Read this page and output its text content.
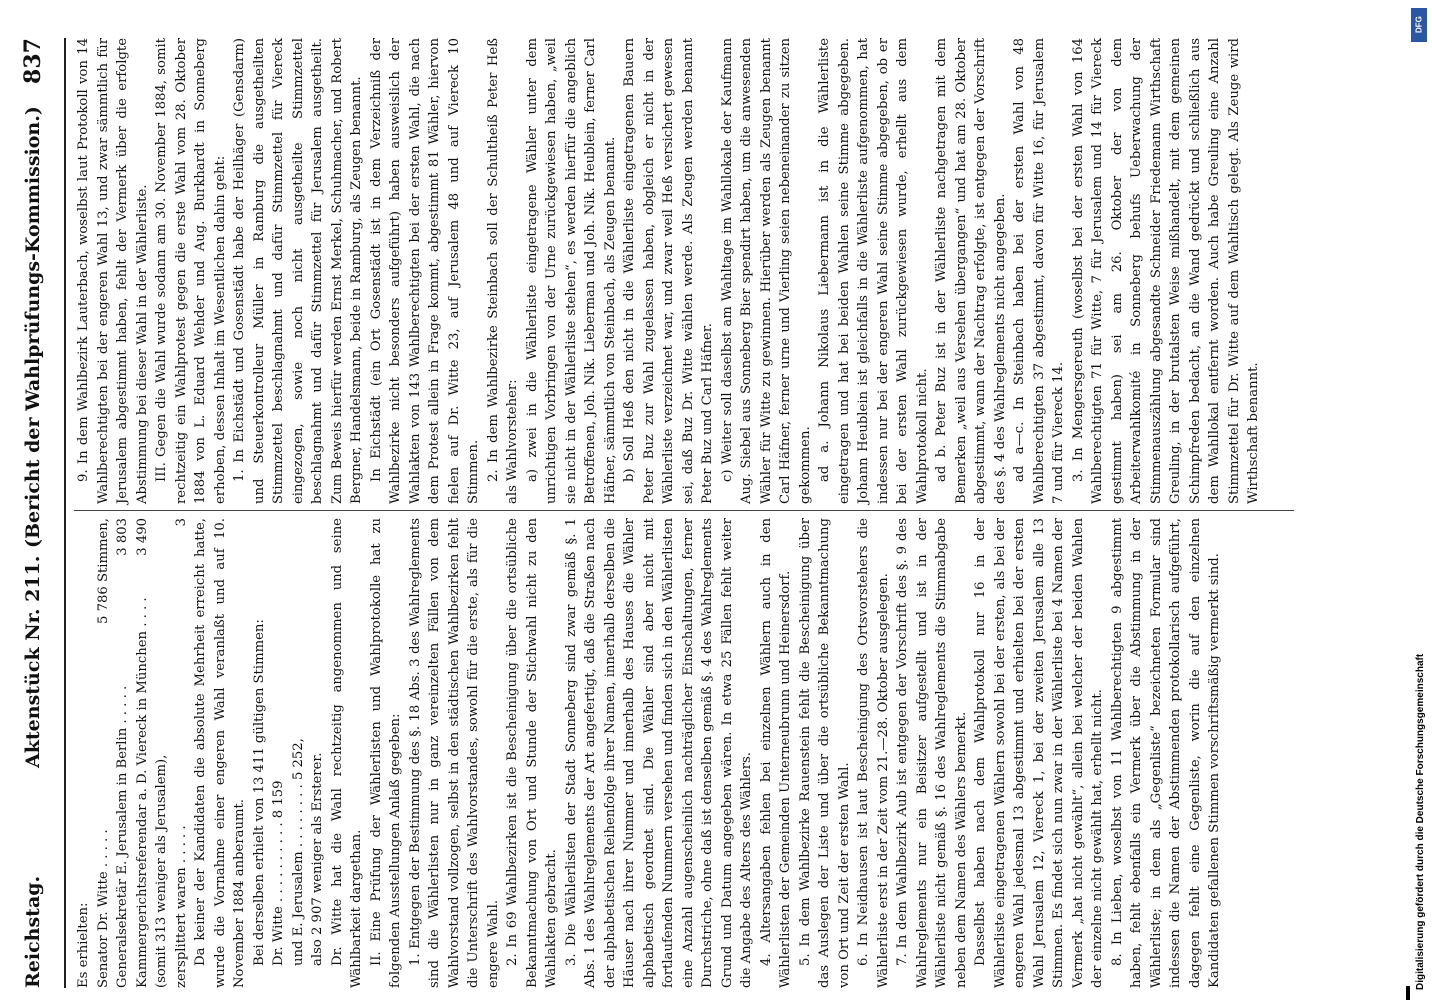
Reichstag.
Aktenstück Nr. 211.
(Bericht der Wahlprüfungs-Kommission.)
837

Es erhielten: Senator Dr. Witte . . . . .
5 786 Stimmen,
Generalsekretär E. Jerusalem in Berlin . . . . .
3 803
Kammergerichtsreferendar a. D. Viereck in München . . . .
3 490
(somit 313 weniger als Jerusalem), zersplittert waren . . . . .
3 Da keiner der Kandidaten die absolute Mehrheit erreicht hatte, wurde die Vornahme einer engeren Wahl veranlaßt und auf 10. November 1884 anberaumt. Bei derselben erhielt von 13 411 gültigen Stimmen: Dr. Witte . . . . . . . . . . 8 159 und E. Jerusalem . . . . . . . . 5 252, also 2 907 weniger als Ersterer. Dr. Witte hat die Wahl rechtzeitig angenommen und seine Wählbarkeit dargethan. II. Eine Prüfung der Wählerlisten und Wahlprotokolle hat zu folgenden Ausstellungen Anlaß gegeben: 1. Entgegen der Bestimmung des §. 18 Abs. 3 des Wahlreglements sind die Wählerlisten nur in ganz vereinzelten Fällen von dem Wahlvorstand vollzogen, selbst in den städtischen Wahlbezirken fehlt die Unterschrift des Wahlvorstandes, sowohl für die erste, als für die engere Wahl. 2. In 69 Wahlbezirken ist die Bescheinigung über die ortsübliche Bekanntmachung von Ort und Stunde der Stichwahl nicht zu den Wahlakten gebracht. 3. Die Wählerlisten der Stadt Sonneberg sind zwar gemäß §. 1 Abs. 1 des Wahlreglements der Art angefertigt, daß die Straßen nach der alphabetischen Reihenfolge ihrer Namen, innerhalb derselben die Häuser nach ihrer Nummer und innerhalb des Hauses die Wähler alphabetisch geordnet sind. Die Wähler sind aber nicht mit fortlaufenden Nummern versehen und finden sich in den Wählerlisten eine Anzahl augenscheinlich nachträglicher Einschaltungen, ferner Durchstriche, ohne daß ist denselben gemäß §. 4 des Wahlreglements Grund und Datum angegeben wären. In etwa 25 Fällen fehlt weiter die Angabe des Alters des Wählers. 4. Altersangaben fehlen bei einzelnen Wählern auch in den Wählerlisten der Gemeinden Unterneubrunn und Heinersdorf. 5. In dem Wahlbezirke Rauenstein fehlt die Bescheinigung über das Auslegen der Liste und über die ortsübliche Bekanntmachung von Ort und Zeit der ersten Wahl. 6. In Neidhausen ist laut Bescheinigung des Ortsvorstehers die Wählerliste erst in der Zeit vom 21.—28. Oktober ausgelegen. 7. In dem Wahlbezirk Aub ist entgegen der Vorschrift des §. 9 des Wahlreglements nur ein Beisitzer aufgestellt und ist in der Wählerliste nicht gemäß §. 16 des Wahlreglements die Stimmabgabe neben dem Namen des Wählers bemerkt. Dasselbst haben nach dem Wahlprotokoll nur 16 in der Wählerliste eingetragenen Wählern sowohl bei der ersten, als bei der engeren Wahl jedesmal 13 abgestimmt und erhielten bei der ersten Wahl Jerusalem 12, Viereck 1, bei der zweiten Jerusalem alle 13 Stimmen. Es findet sich nun zwar in der Wählerliste bei 4 Namen der Vermerk „hat nicht gewählt“, allein bei welcher der beiden Wahlen der einzelne nicht gewählt hat, erhellt nicht. 8. In Lieben, woselbst von 11 Wahlberechtigten 9 abgestimmt haben, fehlt ebenfalls ein Vermerk über die Abstimmung in der Wählerliste; in dem als „Gegenliste“ bezeichneten Formular sind indessen die Namen der Abstimmenden protokollarisch aufgeführt, dagegen fehlt eine Gegenliste, worin die auf den einzelnen Kandidaten gefallenen Stimmen vorschriftsmäßig vermerkt sind.

9. In dem Wahlbezirk Lauterbach, woselbst laut Protokoll von 14 Wahlberechtigten bei der engeren Wahl 13, und zwar sämmtlich für Jerusalem abgestimmt haben, fehlt der Vermerk über die erfolgte Abstimmung bei dieser Wahl in der Wählerliste. III. Gegen die Wahl wurde sodann am 30. November 1884, somit rechtzeitig ein Wahlprotest gegen die erste Wahl vom 28. Oktober 1884 von L. Eduard Wehder und Aug. Burkhardt in Sonneberg erhoben, dessen Inhalt im Wesentlichen dahin geht: 1. In Eichstädt und Gosenstädt habe der Heilhäger (Gensdarm) und Steuerkontrolleur Müller in Ramburg die ausgetheilten Stimmzettel beschlagnahmt und dafür Stimmzettel für Viereck eingezogen, sowie noch nicht ausgetheilte Stimmzettel beschlagnahmt und dafür Stimmzettel für Jerusalem ausgetheilt. Zum Beweis hierfür werden Ernst Merkel, Schuhmacher, und Robert Bergner, Handelsmann, beide in Ramburg, als Zeugen benannt. In Eichstädt (ein Ort Gosenstädt ist in dem Verzeichniß der Wahlbezirke nicht besonders aufgeführt) haben ausweislich der Wahlakten von 143 Wahlberechtigten bei der ersten Wahl, die nach dem Protest allein in Frage kommt, abgestimmt 81 Wähler, hiervon fielen auf Dr. Witte 23, auf Jerusalem 48 und auf Viereck 10 Stimmen. 2. In dem Wahlbezirke Steinbach soll der Schultheiß Peter Heß als Wahlvorsteher: a) zwei in die Wählerliste eingetragene Wähler unter dem unrichtigen Vorbringen von der Urne zurückgewiesen haben, „weil sie nicht in der Wählerliste stehen“, es werden hierfür die angeblich Betroffenen, Joh. Nik. Lieberman und Joh. Nik. Heublein, ferner Carl Häfner, sämmtlich von Steinbach, als Zeugen benannt. b) Soll Heß den nicht in die Wählerliste eingetragenen Bauern Peter Buz zur Wahl zugelassen haben, obgleich er nicht in der Wählerliste verzeichnet war, und zwar weil Heß versichert gewesen sei, daß Buz Dr. Witte wählen werde. Als Zeugen werden benannt Peter Buz und Carl Häfner. c) Weiter soll daselbst am Wahltage im Wahllokale der Kaufmann Aug. Siebel aus Sonneberg Bier spendirt haben, um die anwesenden Wähler für Witte zu gewinnen. Hierüber werden als Zeugen benannt Carl Häfner, ferner urne und Vierling seien nebeneinander zu sitzen gekommen. ad a. Johann Nikolaus Liebermann ist in die Wählerliste eingetragen und hat bei beiden Wahlen seine Stimme abgegeben. Johann Heublein ist gleichfalls in die Wählerliste aufgenommen, hat indessen nur bei der engeren Wahl seine Stimme abgegeben, ob er bei der ersten Wahl zurückgewiesen wurde, erhellt aus dem Wahlprotokoll nicht. ad b. Peter Buz ist in der Wählerliste nachgetragen mit dem Bemerken „weil aus Versehen übergangen“ und hat am 28. Oktober abgestimmt, wann der Nachtrag erfolgte, ist entgegen der Vorschrift des §. 4 des Wahlreglements nicht angegeben. ad a—c. In Steinbach haben bei der ersten Wahl von 48 Wahlberechtigten 37 abgestimmt, davon für Witte 16, für Jerusalem 7 und für Viereck 14. 3. In Mengersgereuth (woselbst bei der ersten Wahl von 164 Wahlberechtigten 71 für Witte, 7 für Jerusalem und 14 für Viereck gestimmt haben) sei am 26. Oktober der von dem Arbeiterwahlkomité in Sonneberg behufs Ueberwachung der Stimmenauszählung abgesandte Schneider Friedemann Wirthschaft Greuling, in der brutalsten Weise mißhandelt, mit dem gemeinen Schimpfreden bedacht, an die Wand gedrückt und schließlich aus dem Wahllokal entfernt worden. Auch habe Greuling eine Anzahl Stimmzettel für Dr. Witte auf dem Wahltisch gelegt. Als Zeuge wird Wirthschaft benannt.

DFG
Digitalisierung gefördert durch die Deutsche Forschungsgemeinschaft
